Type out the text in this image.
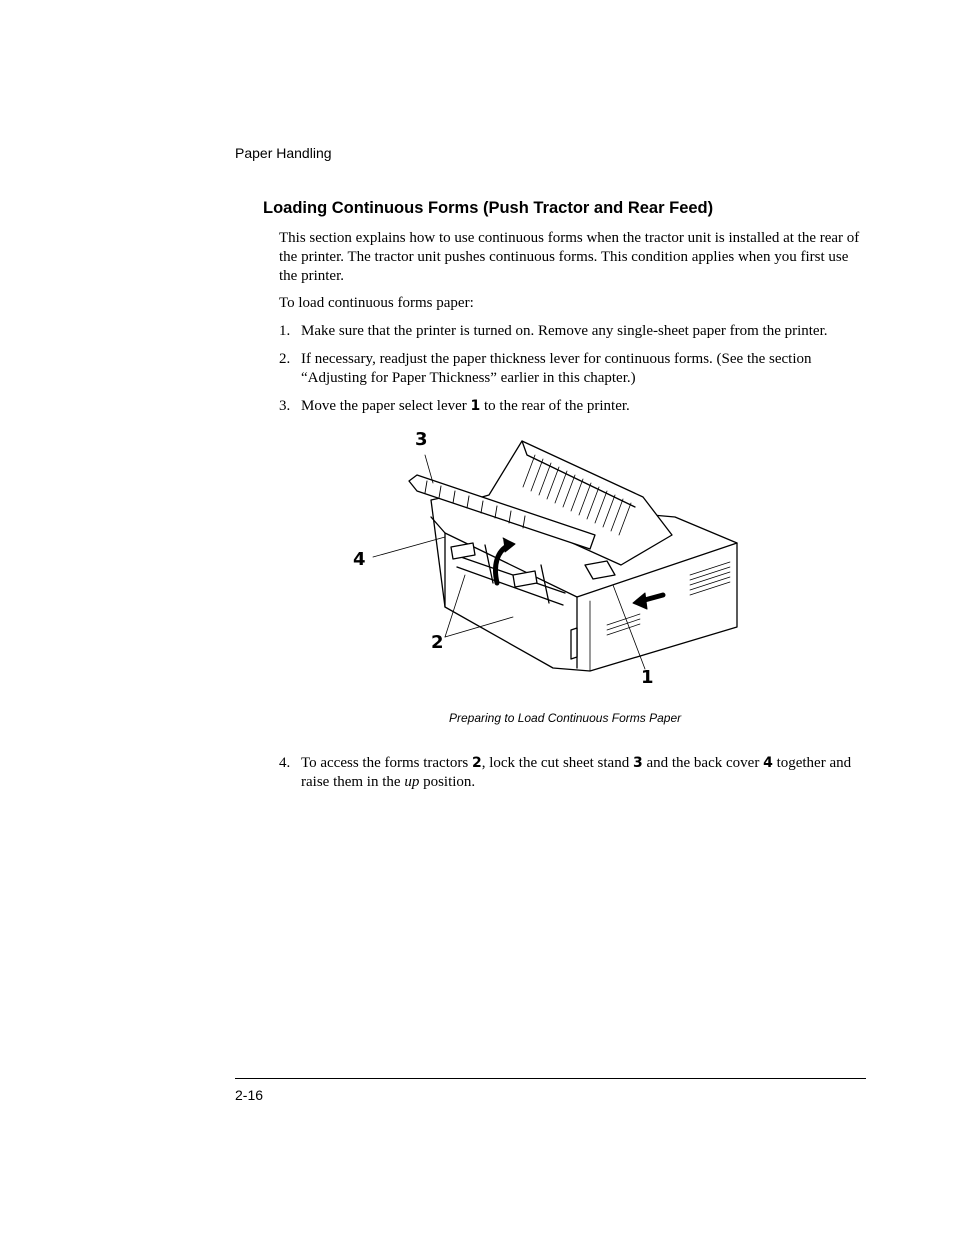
Paper Handling
Loading Continuous Forms (Push Tractor and Rear Feed)
This section explains how to use continuous forms when the tractor unit is installed at the rear of the printer. The tractor unit pushes continuous forms. This condition applies when you first use the printer.
To load continuous forms paper:
1. Make sure that the printer is turned on. Remove any single-sheet paper from the printer.
2. If necessary, readjust the paper thickness lever for continuous forms. (See the section “Adjusting for Paper Thickness” earlier in this chapter.)
3. Move the paper select lever 1 to the rear of the printer.
3
4
2
1
Preparing to Load Continuous Forms Paper
4. To access the forms tractors 2, lock the cut sheet stand 3 and the back cover 4 together and raise them in the up position.
2-16
